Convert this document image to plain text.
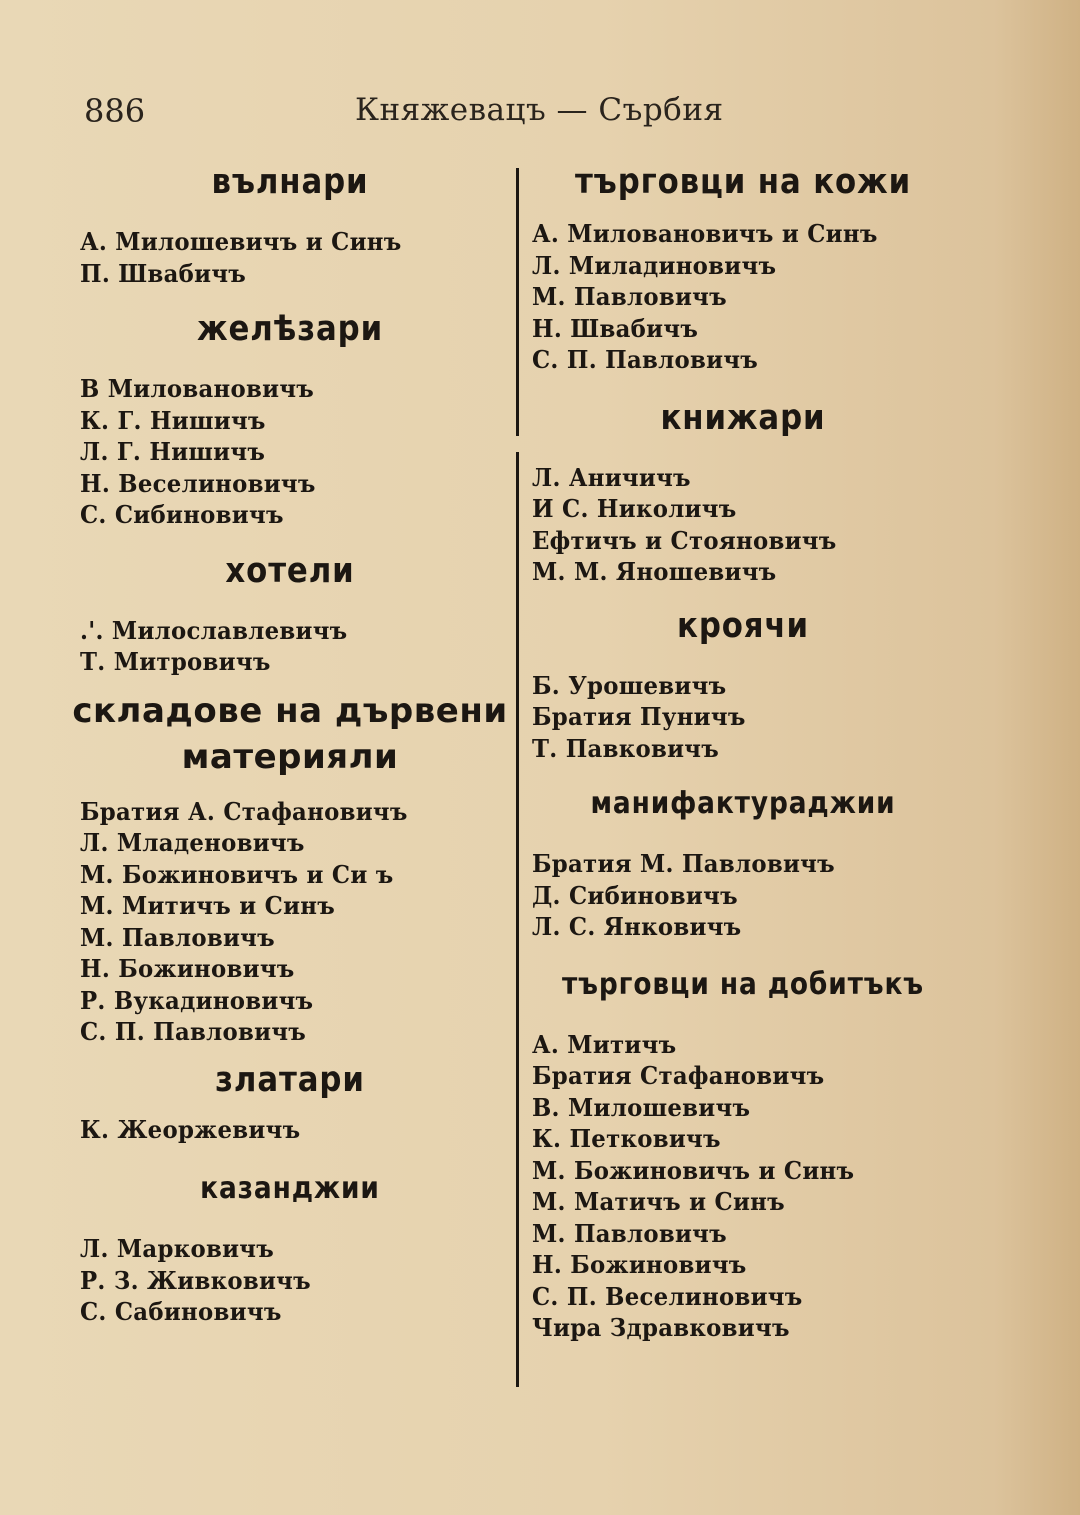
886	Княжевацъ — Сърбия
вълнари
А. Милошевичъ и Синъ
П. Швабичъ
желѣзари
В Миловановичъ
К. Г. Нишичъ
Л. Г. Нишичъ
Н. Веселиновичъ
С. Сибиновичъ
хотели
.'. Милославлевичъ
Т. Митровичъ
складове на дървени материяли
Братия А. Стафановичъ
Л. Младеновичъ
М. Божиновичъ и Си ъ
М. Митичъ и Синъ
М. Павловичъ
Н. Божиновичъ
Р. Вукадиновичъ
С. П. Павловичъ
златари
К. Жеоржевичъ
казанджии
Л. Марковичъ
Р. З. Живковичъ
С. Сабиновичъ
търговци на кожи
А. Миловановичъ и Синъ
Л. Миладиновичъ
М. Павловичъ
Н. Швабичъ
С. П. Павловичъ
книжари
Л. Аничичъ
И С. Николичъ
Ефтичъ и Стояновичъ
М. М. Яношевичъ
кроячи
Б. Урошевичъ
Братия Пуничъ
Т. Павковичъ
манифактураджии
Братия М. Павловичъ
Д. Сибиновичъ
Л. С. Янковичъ
търговци на добитъкъ
А. Митичъ
Братия Стафановичъ
В. Милошевичъ
К. Петковичъ
М. Божиновичъ и Синъ
М. Матичъ и Синъ
М. Павловичъ
Н. Божиновичъ
С. П. Веселиновичъ
Чира Здравковичъ
